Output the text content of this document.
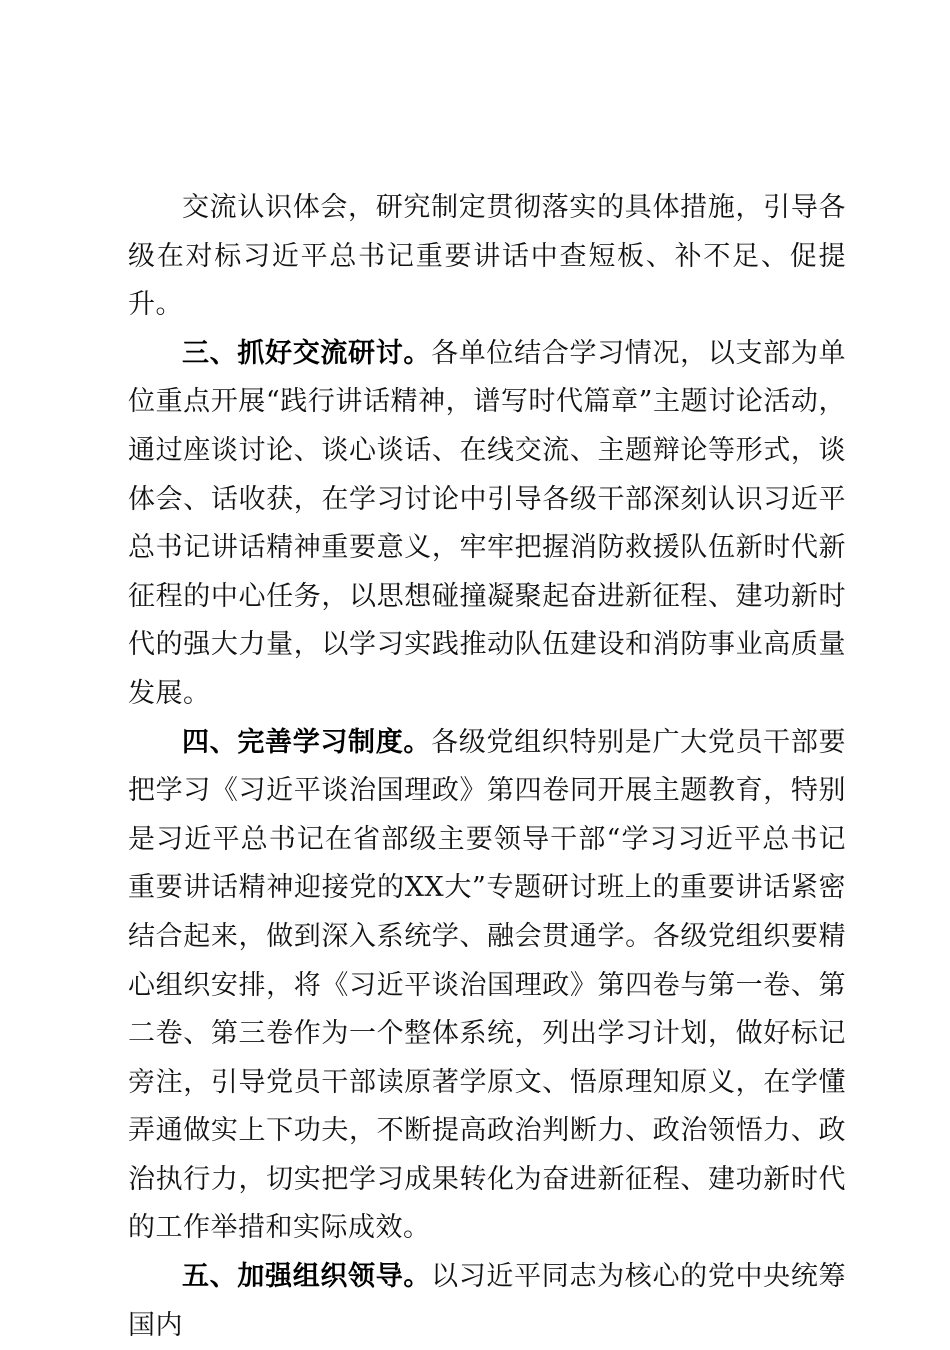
交流认识体会，研究制定贯彻落实的具体措施，引导各级在对标习近平总书记重要讲话中查短板、补不足、促提升。

三、抓好交流研讨。各单位结合学习情况，以支部为单位重点开展“践行讲话精神，谱写时代篇章”主题讨论活动，通过座谈讨论、谈心谈话、在线交流、主题辩论等形式，谈体会、话收获，在学习讨论中引导各级干部深刻认识习近平总书记讲话精神重要意义，牢牢把握消防救援队伍新时代新征程的中心任务，以思想碰撞凝聚起奋进新征程、建功新时代的强大力量，以学习实践推动队伍建设和消防事业高质量发展。

四、完善学习制度。各级党组织特别是广大党员干部要把学习《习近平谈治国理政》第四卷同开展主题教育，特别是习近平总书记在省部级主要领导干部“学习习近平总书记重要讲话精神迎接党的XX大”专题研讨班上的重要讲话紧密结合起来，做到深入系统学、融会贯通学。各级党组织要精心组织安排，将《习近平谈治国理政》第四卷与第一卷、第二卷、第三卷作为一个整体系统，列出学习计划，做好标记旁注，引导党员干部读原著学原文、悟原理知原义，在学懂弄通做实上下功夫，不断提高政治判断力、政治领悟力、政治执行力，切实把学习成果转化为奋进新征程、建功新时代的工作举措和实际成效。

五、加强组织领导。以习近平同志为核心的党中央统筹国内
